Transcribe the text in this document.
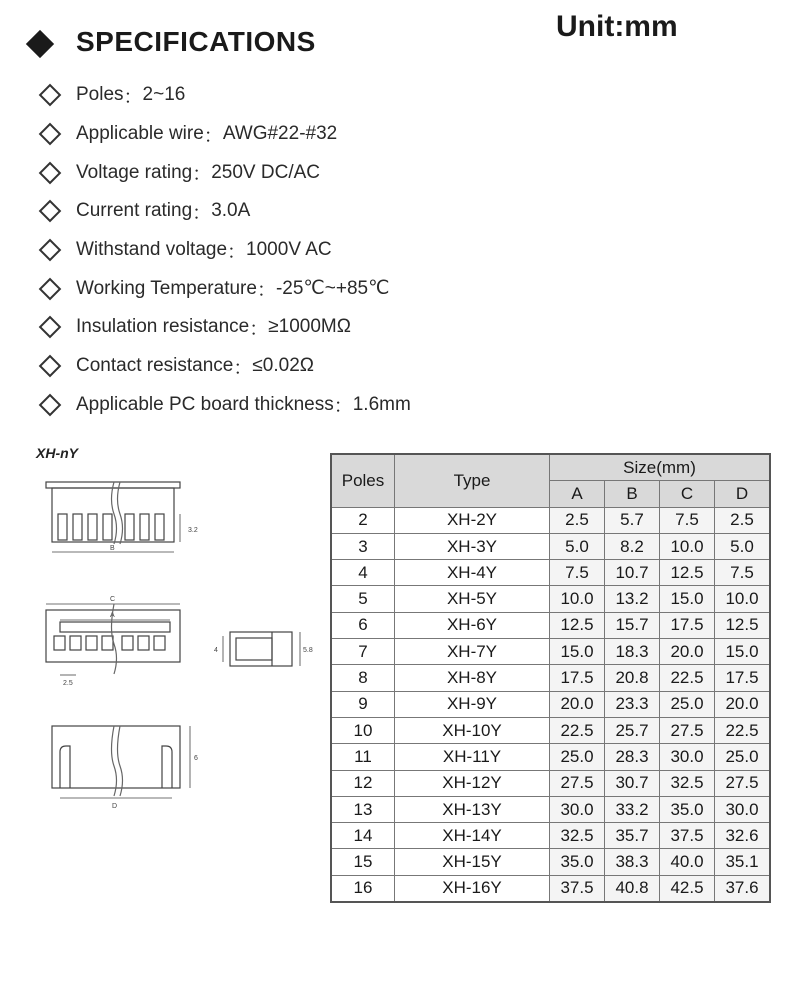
SPECIFICATIONS	Unit:mm
Poles ： 2~16
Applicable wire ： AWG#22-#32
Voltage rating ： 250V DC/AC
Current rating ： 3.0A
Withstand voltage ： 1000V AC
Working Temperature ： -25℃~+85℃
Insulation resistance ： ≥1000MΩ
Contact resistance ： ≤0.02Ω
Applicable PC board thickness ： 1.6mm
XH-nY
3.2
B
C
A
2.5
4	5.8
6
D
Poles	Type	Size(mm)			
		A	B	C	D
2	XH-2Y	2.5	5.7	7.5	2.5
3	XH-3Y	5.0	8.2	10.0	5.0
4	XH-4Y	7.5	10.7	12.5	7.5
5	XH-5Y	10.0	13.2	15.0	10.0
6	XH-6Y	12.5	15.7	17.5	12.5
7	XH-7Y	15.0	18.3	20.0	15.0
8	XH-8Y	17.5	20.8	22.5	17.5
9	XH-9Y	20.0	23.3	25.0	20.0
10	XH-10Y	22.5	25.7	27.5	22.5
11	XH-11Y	25.0	28.3	30.0	25.0
12	XH-12Y	27.5	30.7	32.5	27.5
13	XH-13Y	30.0	33.2	35.0	30.0
14	XH-14Y	32.5	35.7	37.5	32.6
15	XH-15Y	35.0	38.3	40.0	35.1
16	XH-16Y	37.5	40.8	42.5	37.6
